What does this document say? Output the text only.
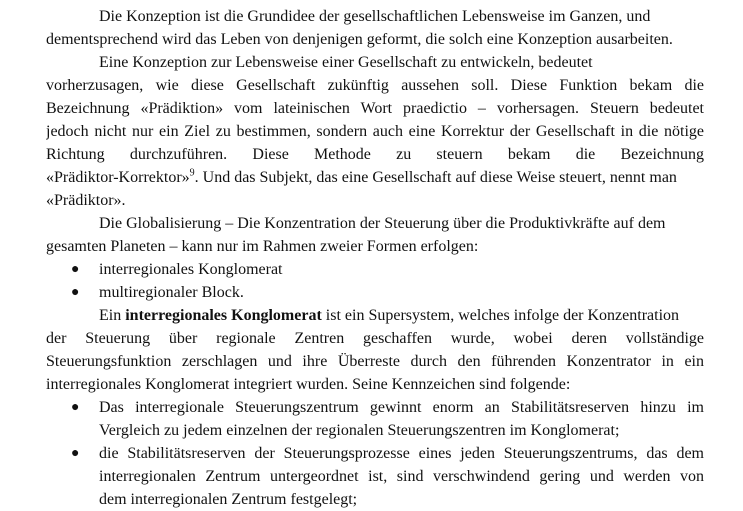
Die Konzeption ist die Grundidee der gesellschaftlichen Lebensweise im Ganzen, und
dementsprechend wird das Leben von denjenigen geformt, die solch eine Konzeption ausarbeiten.
Eine Konzeption zur Lebensweise einer Gesellschaft zu entwickeln, bedeutet
vorherzusagen, wie diese Gesellschaft zukünftig aussehen soll. Diese Funktion bekam die
Bezeichnung «Prädiktion» vom lateinischen Wort praedictio – vorhersagen. Steuern bedeutet
jedoch nicht nur ein Ziel zu bestimmen, sondern auch eine Korrektur der Gesellschaft in die nötige
Richtung durchzuführen. Diese Methode zu steuern bekam die Bezeichnung
«Prädiktor-Korrektor»$^9$. Und das Subjekt, das eine Gesellschaft auf diese Weise steuert, nennt man
«Prädiktor».
Die Globalisierung – Die Konzentration der Steuerung über die Produktivkräfte auf dem
gesamten Planeten – kann nur im Rahmen zweier Formen erfolgen:
● interregionales Konglomerat
● multiregionaler Block.
Ein interregionales Konglomerat ist ein Supersystem, welches infolge der Konzentration
der Steuerung über regionale Zentren geschaffen wurde, wobei deren vollständige
Steuerungsfunktion zerschlagen und ihre Überreste durch den führenden Konzentrator in ein
interregionales Konglomerat integriert wurden. Seine Kennzeichen sind folgende:
● Das interregionale Steuerungszentrum gewinnt enorm an Stabilitätsreserven hinzu im
Vergleich zu jedem einzelnen der regionalen Steuerungszentren im Konglomerat;
● die Stabilitätsreserven der Steuerungsprozesse eines jeden Steuerungszentrums, das dem
interregionalen Zentrum untergeordnet ist, sind verschwindend gering und werden von
dem interregionalen Zentrum festgelegt;
